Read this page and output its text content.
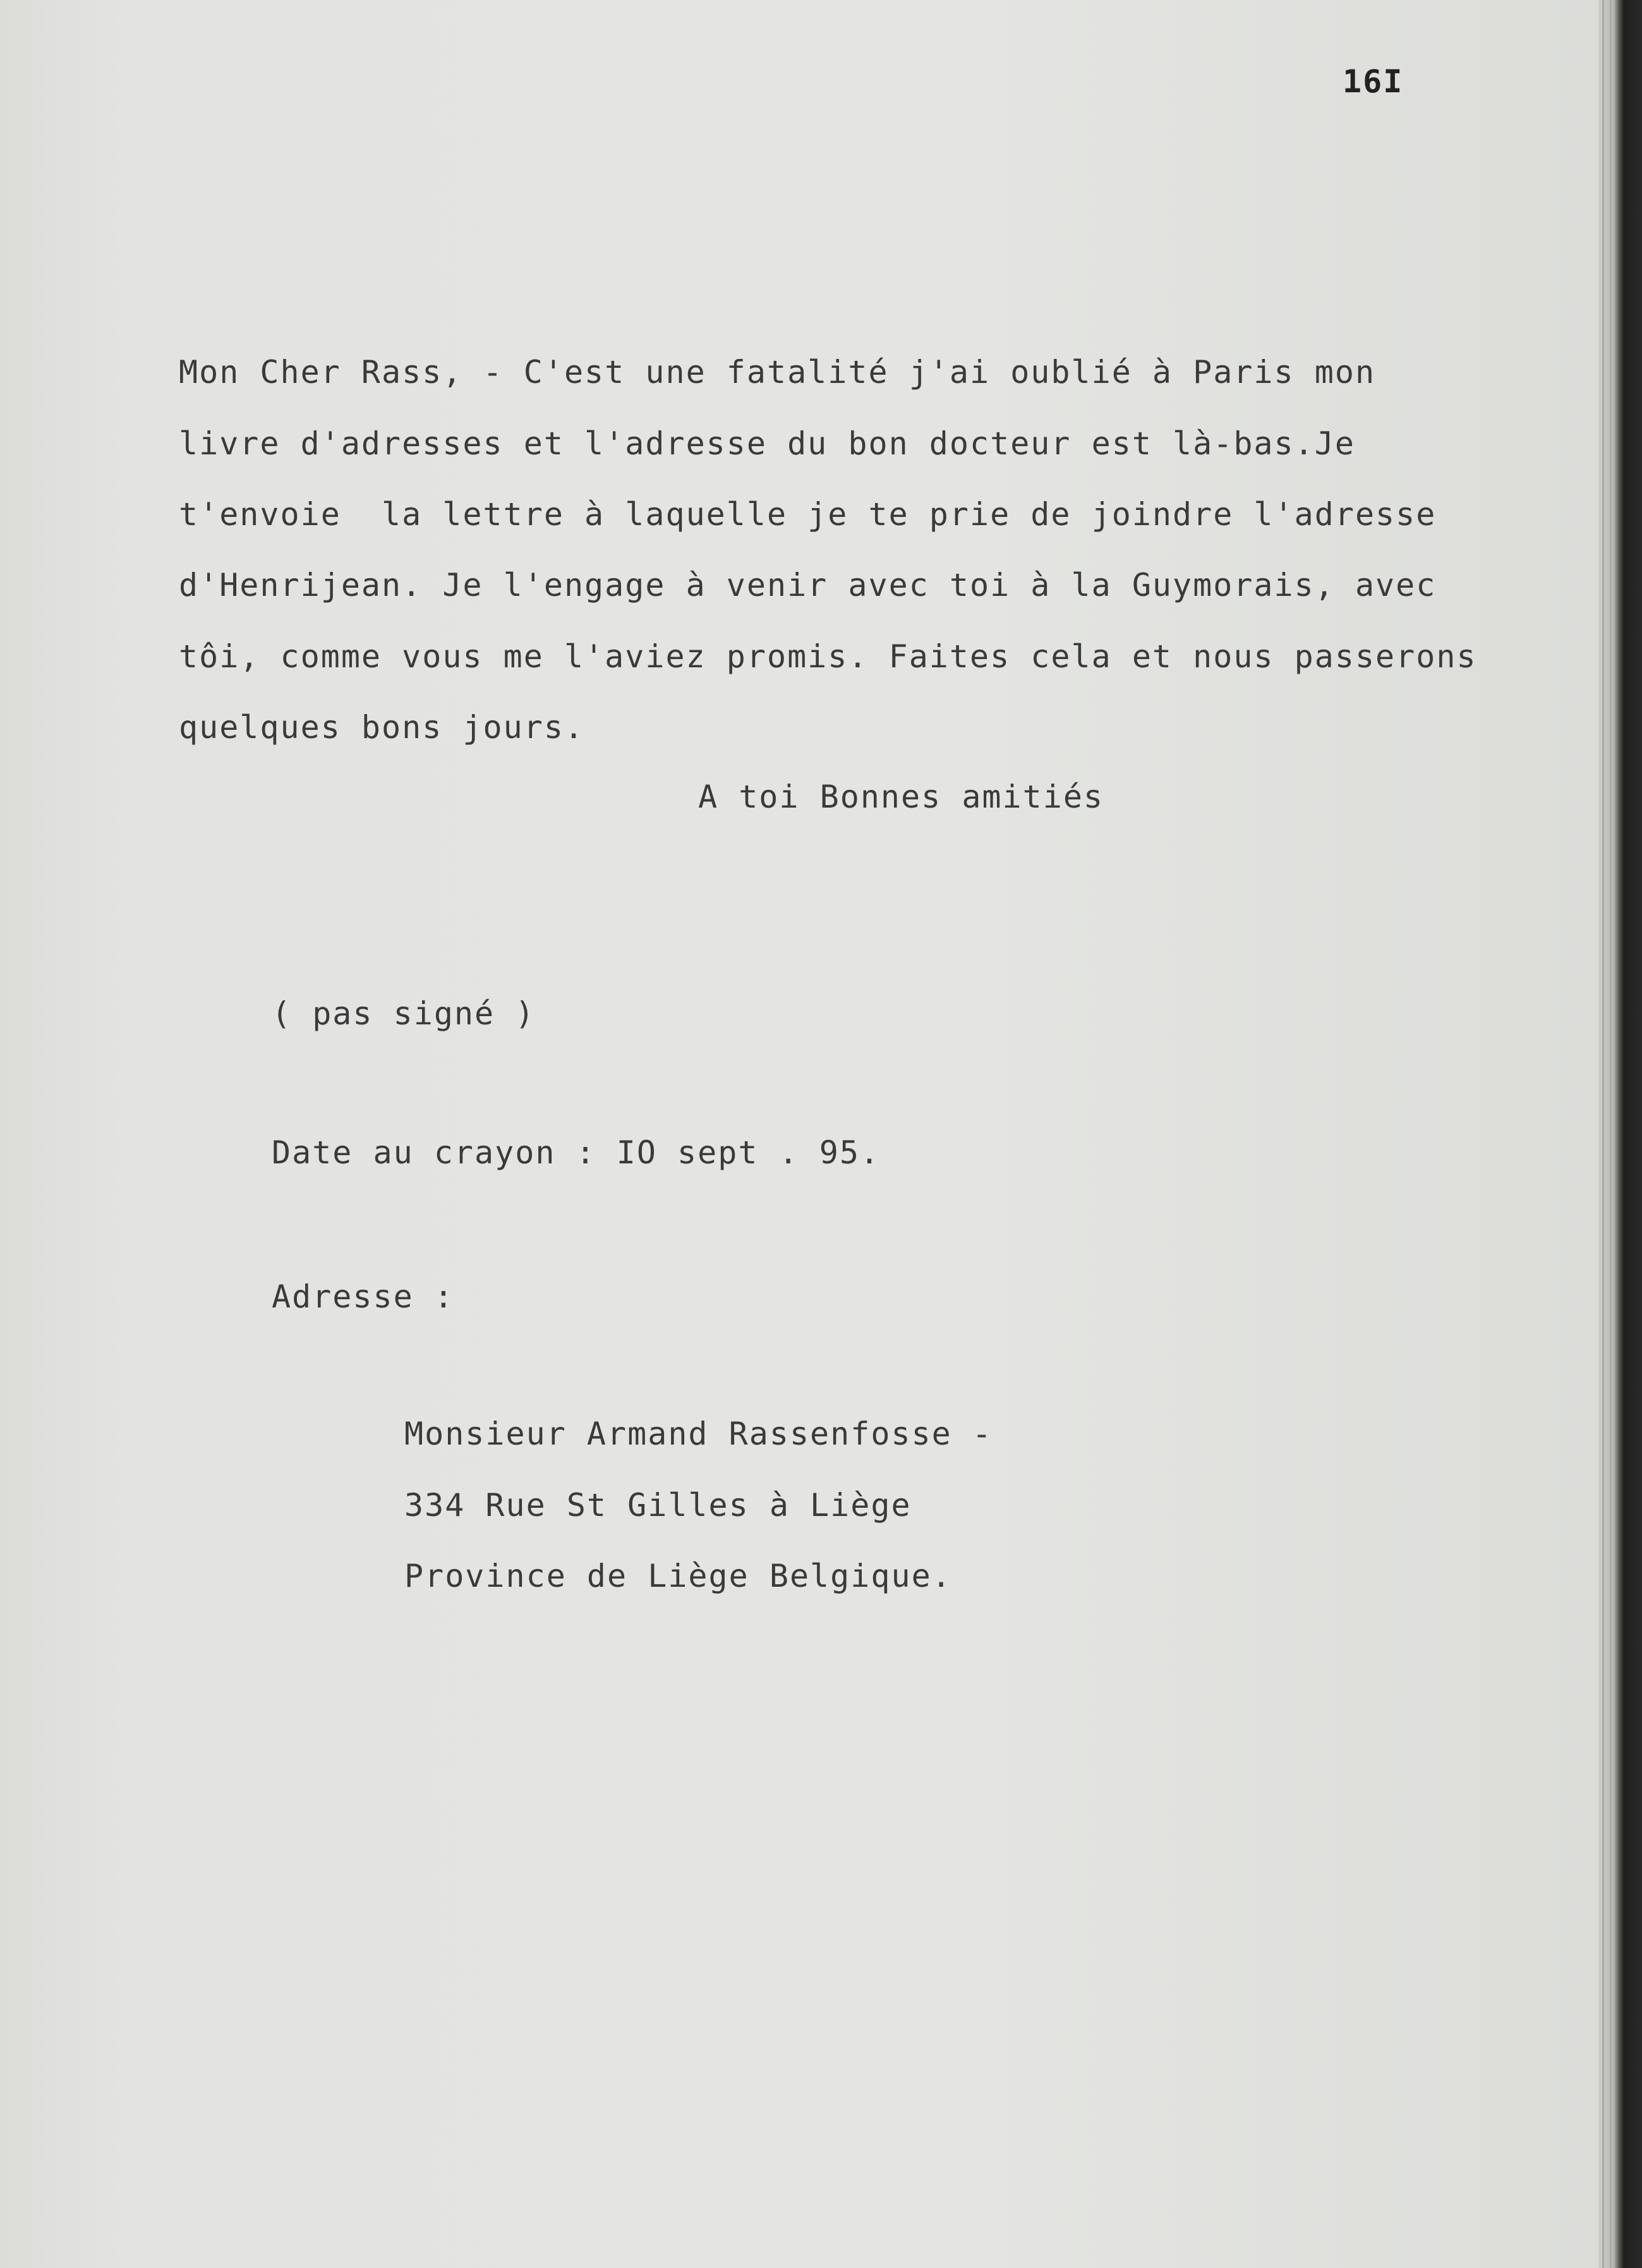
16I
Mon Cher Rass, - C'est une fatalité j'ai oublié à Paris mon
livre d'adresses et l'adresse du bon docteur est là-bas.Je
t'envoie  la lettre à laquelle je te prie de joindre l'adresse
d'Henrijean. Je l'engage à venir avec toi à la Guymorais, avec
tôi, comme vous me l'aviez promis. Faites cela et nous passerons
quelques bons jours.
A toi Bonnes amitiés
( pas signé )
Date au crayon : IO sept . 95.
Adresse :
Monsieur Armand Rassenfosse -
334 Rue St Gilles à Liège
Province de Liège Belgique.
